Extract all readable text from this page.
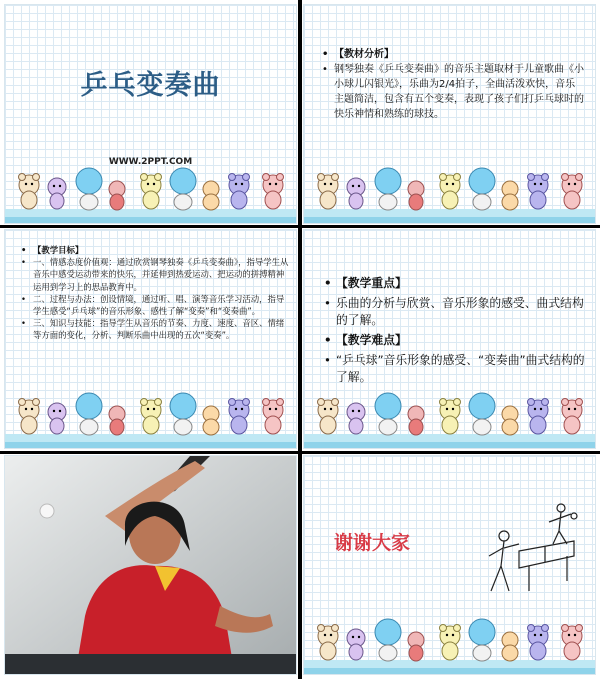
乒乓变奏曲
WWW.2PPT.COM
• 【教材分析】
• 钢琴独奏《乒乓变奏曲》的音乐主题取材于儿童歌曲《小小球儿闪银光》，乐曲为2/4拍子，全曲活泼欢快，音乐主题简洁，包含有五个变奏，表现了孩子们打乒乓球时的快乐神情和熟练的球技。
• 【教学目标】
• 一、情感态度价值观：通过欣赏钢琴独奏《乒乓变奏曲》，指导学生从音乐中感受运动带来的快乐，并延伸到热爱运动、把运动的拼搏精神运用到学习上的思品教育中。
• 二、过程与办法：创设情境，通过听、唱、演等音乐学习活动，指导学生感受“乒乓球”的音乐形象、感性了解“变奏”和“变奏曲”。
• 三、知识与技能：指导学生从音乐的节奏、力度、速度、音区、情绪等方面的变化，分析、判断乐曲中出现的五次“变奏”。
• 【教学重点】
• 乐曲的分析与欣赏、音乐形象的感受、曲式结构的了解。
• 【教学难点】
• “乒乓球”音乐形象的感受、“变奏曲”曲式结构的了解。
谢谢大家
